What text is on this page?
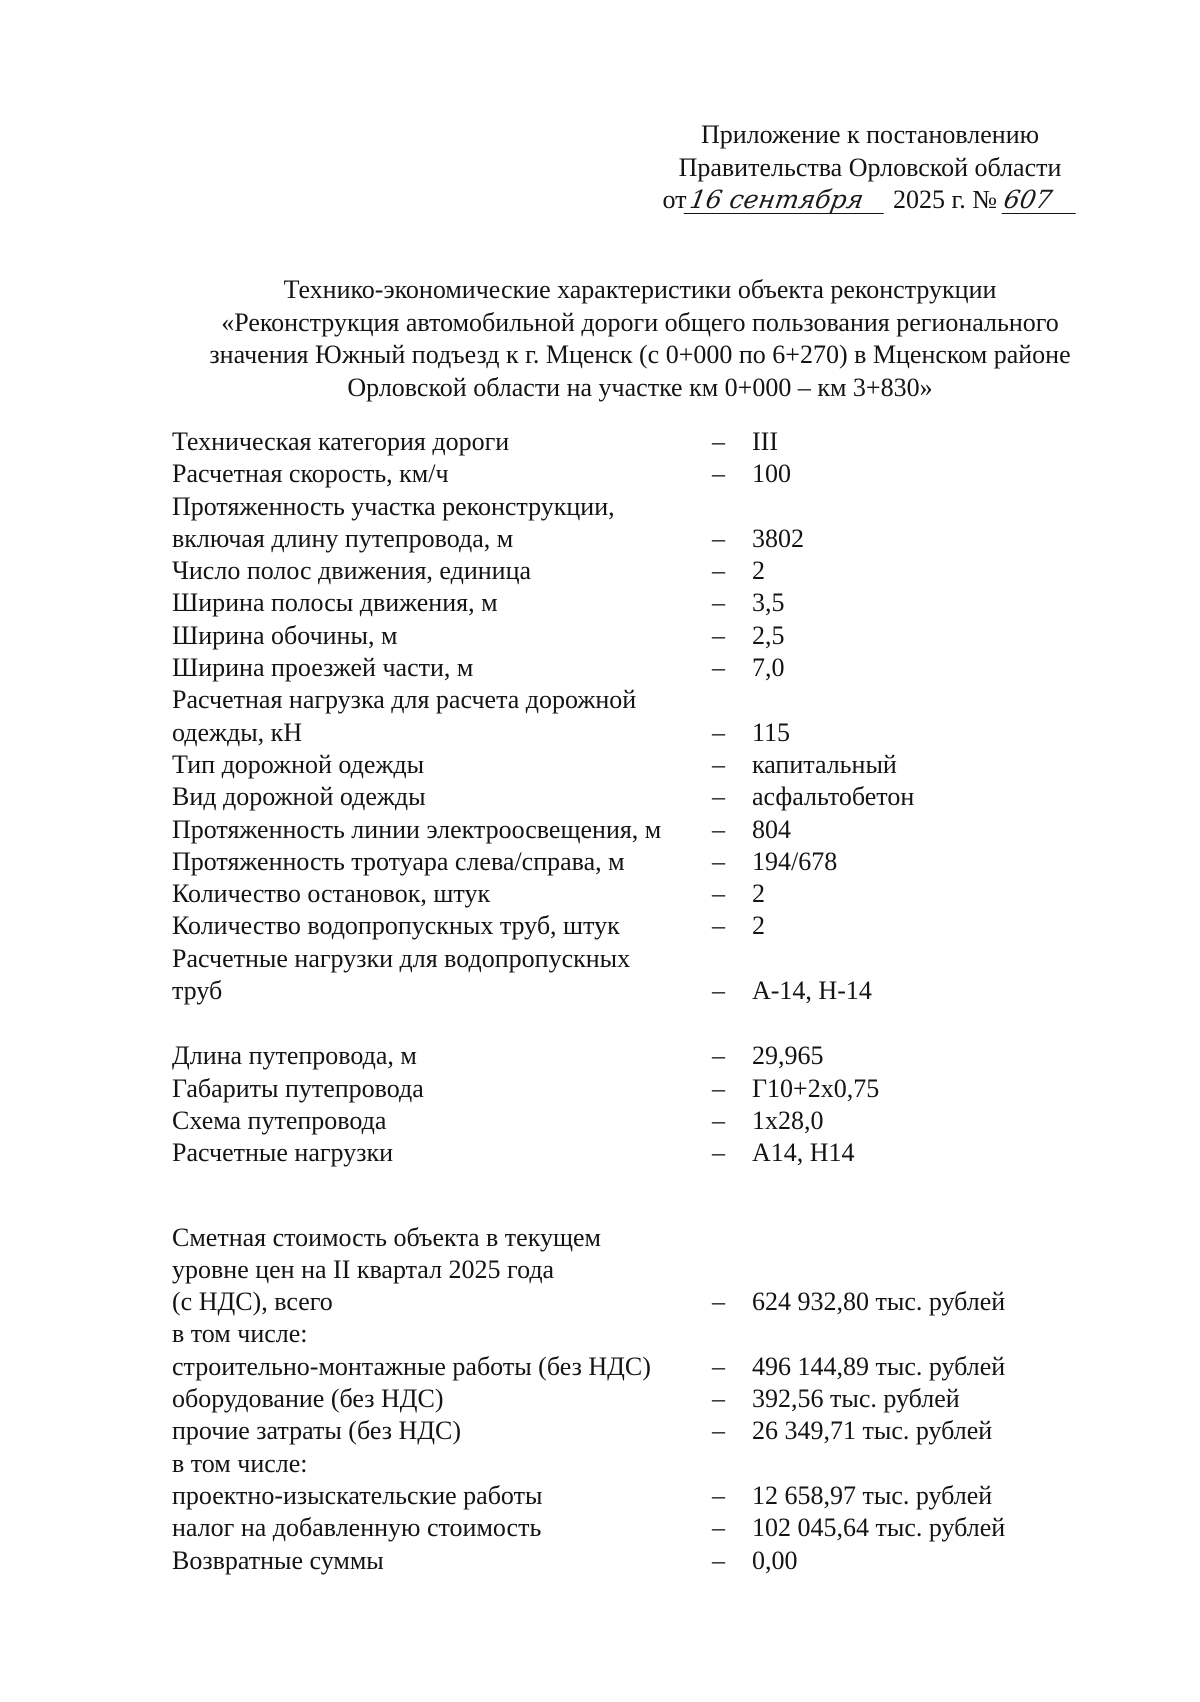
Приложение к постановлению
Правительства Орловской области
от16 сентября 2025 г. № 607
Технико-экономические характеристики объекта реконструкции
«Реконструкция автомобильной дороги общего пользования регионального
значения Южный подъезд к г. Мценск (с 0+000 по 6+270) в Мценском районе
Орловской области на участке км 0+000 – км 3+830»
Техническая категория дороги	– III
Расчетная скорость, км/ч	– 100
Протяженность участка реконструкции,
включая длину путепровода, м	– 3802
Число полос движения, единица	– 2
Ширина полосы движения, м	– 3,5
Ширина обочины, м	– 2,5
Ширина проезжей части, м	– 7,0
Расчетная нагрузка для расчета дорожной
одежды, кН	– 115
Тип дорожной одежды	– капитальный
Вид дорожной одежды	– асфальтобетон
Протяженность линии электроосвещения, м – 804
Протяженность тротуара слева/справа, м	– 194/678
Количество остановок, штук	– 2
Количество водопропускных труб, штук	– 2
Расчетные нагрузки для водопропускных
труб	– А-14, Н-14
Длина путепровода, м	– 29,965
Габариты путепровода	– Г10+2х0,75
Схема путепровода	– 1х28,0
Расчетные нагрузки	– А14, Н14
Сметная стоимость объекта в текущем
уровне цен на II квартал 2025 года
(с НДС), всего	– 624 932,80 тыс. рублей
в том числе:
строительно-монтажные работы (без НДС) – 496 144,89 тыс. рублей
оборудование (без НДС)	– 392,56 тыс. рублей
прочие затраты (без НДС)	– 26 349,71 тыс. рублей
в том числе:
проектно-изыскательские работы	– 12 658,97 тыс. рублей
налог на добавленную стоимость	– 102 045,64 тыс. рублей
Возвратные суммы	– 0,00
